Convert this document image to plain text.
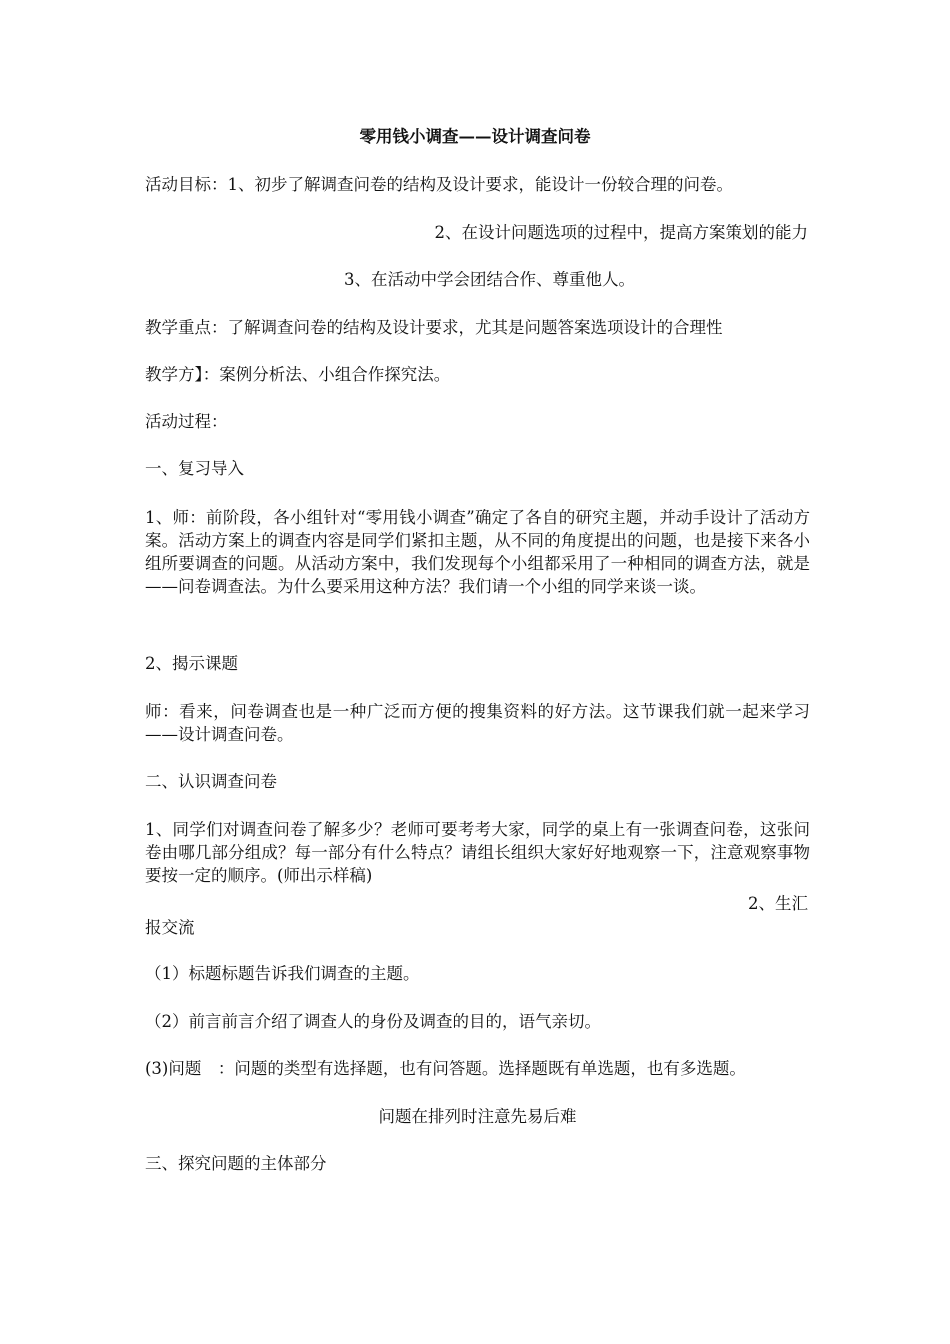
零用钱小调查——设计调查问卷
活动目标：1、初步了解调查问卷的结构及设计要求，能设计一份较合理的问卷。
2、在设计问题选项的过程中，提高方案策划的能力
3、在活动中学会团结合作、尊重他人。
教学重点：了解调查问卷的结构及设计要求，尤其是问题答案选项设计的合理性
教学方】：案例分析法、小组合作探究法。
活动过程：
一、复习导入
1、师：前阶段，各小组针对“零用钱小调查”确定了各自的研究主题，并动手设计了活动方案。活动方案上的调查内容是同学们紧扣主题，从不同的角度提出的问题，也是接下来各小组所要调查的问题。从活动方案中，我们发现每个小组都采用了一种相同的调查方法，就是——问卷调查法。为什么要采用这种方法？我们请一个小组的同学来谈一谈。
2、揭示课题
师：看来，问卷调查也是一种广泛而方便的搜集资料的好方法。这节课我们就一起来学习——设计调查问卷。
二、认识调查问卷
1、同学们对调查问卷了解多少？老师可要考考大家，同学的桌上有一张调查问卷，这张问卷由哪几部分组成？每一部分有什么特点？请组长组织大家好好地观察一下，注意观察事物要按一定的顺序。(师出示样稿)
2、生汇
报交流
（1）标题标题告诉我们调查的主题。
（2）前言前言介绍了调查人的身份及调查的目的，语气亲切。
(3)问题　：问题的类型有选择题，也有问答题。选择题既有单选题，也有多选题。
问题在排列时注意先易后难
三、探究问题的主体部分
